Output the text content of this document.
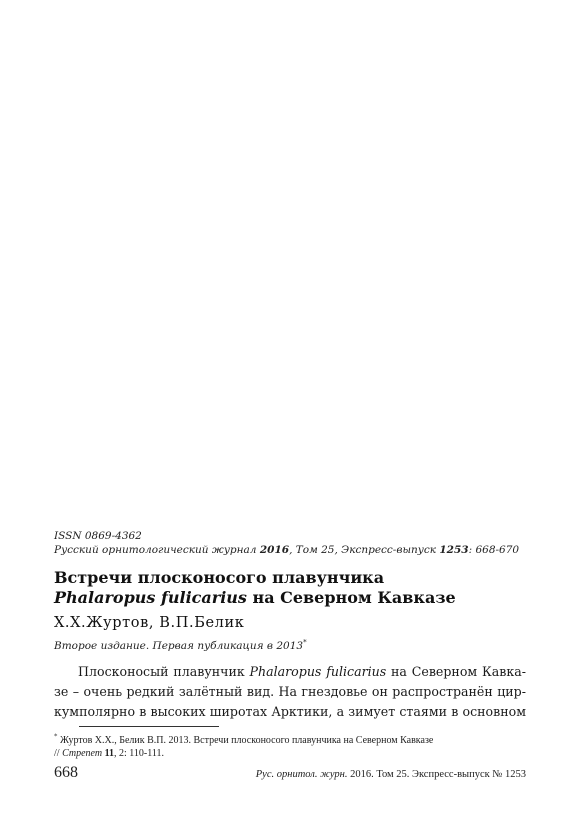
ISSN 0869-4362
Русский орнитологический журнал 2016, Том 25, Экспресс-выпуск 1253: 668-670
Встречи плосконосого плавунчика
Phalaropus fulicarius на Северном Кавказе
Х.Х.Журтов, В.П.Белик
Второе издание. Первая публикация в 2013*
Плосконосый плавунчик Phalaropus fulicarius на Северном Кавка-
зе – очень редкий залётный вид. На гнездовье он распространён цир-
кумполярно в высоких широтах Арктики, а зимует стаями в основном
* Журтов Х.Х., Белик В.П. 2013. Встречи плосконосого плавунчика на Северном Кавказе
// Стрепет 11, 2: 110-111.
668	Рус. орнитол. журн. 2016. Том 25. Экспресс-выпуск № 1253
